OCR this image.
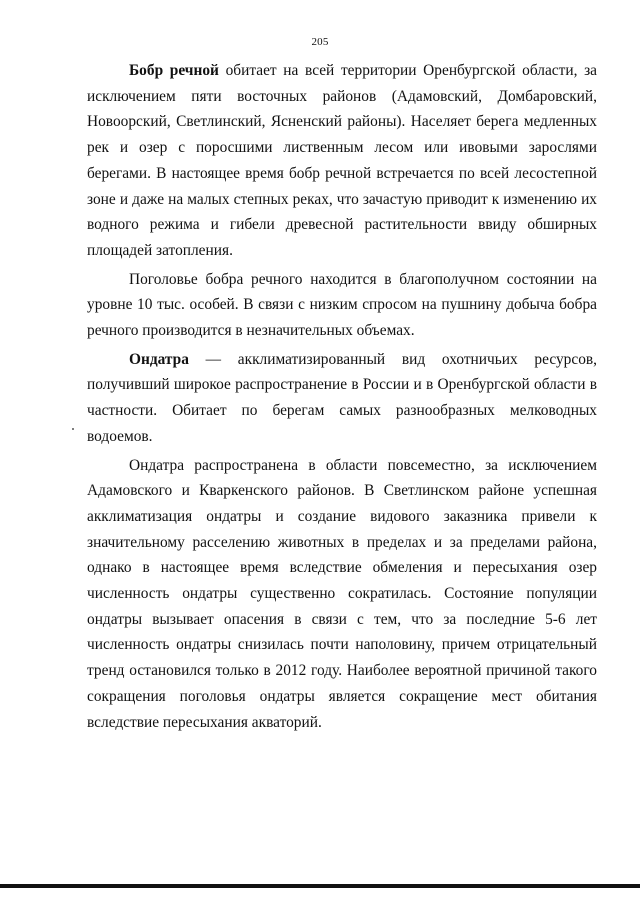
205

Бобр речной обитает на всей территории Оренбургской области, за исключением пяти восточных районов (Адамовский, Домбаровский, Новоорский, Светлинский, Ясненский районы). Населяет берега медленных рек и озер с поросшими лиственным лесом или ивовыми зарослями берегами. В настоящее время бобр речной встречается по всей лесостепной зоне и даже на малых степных реках, что зачастую приводит к изменению их водного режима и гибели древесной растительности ввиду обширных площадей затопления.

Поголовье бобра речного находится в благополучном состоянии на уровне 10 тыс. особей. В связи с низким спросом на пушнину добыча бобра речного производится в незначительных объемах.

Ондатра — акклиматизированный вид охотничьих ресурсов, получивший широкое распространение в России и в Оренбургской области в частности. Обитает по берегам самых разнообразных мелководных водоемов.

Ондатра распространена в области повсеместно, за исключением Адамовского и Кваркенского районов. В Светлинском районе успешная акклиматизация ондатры и создание видового заказника привели к значительному расселению животных в пределах и за пределами района, однако в настоящее время вследствие обмеления и пересыхания озер численность ондатры существенно сократилась. Состояние популяции ондатры вызывает опасения в связи с тем, что за последние 5-6 лет численность ондатры снизилась почти наполовину, причем отрицательный тренд остановился только в 2012 году. Наиболее вероятной причиной такого сокращения поголовья ондатры является сокращение мест обитания вследствие пересыхания акваторий.
